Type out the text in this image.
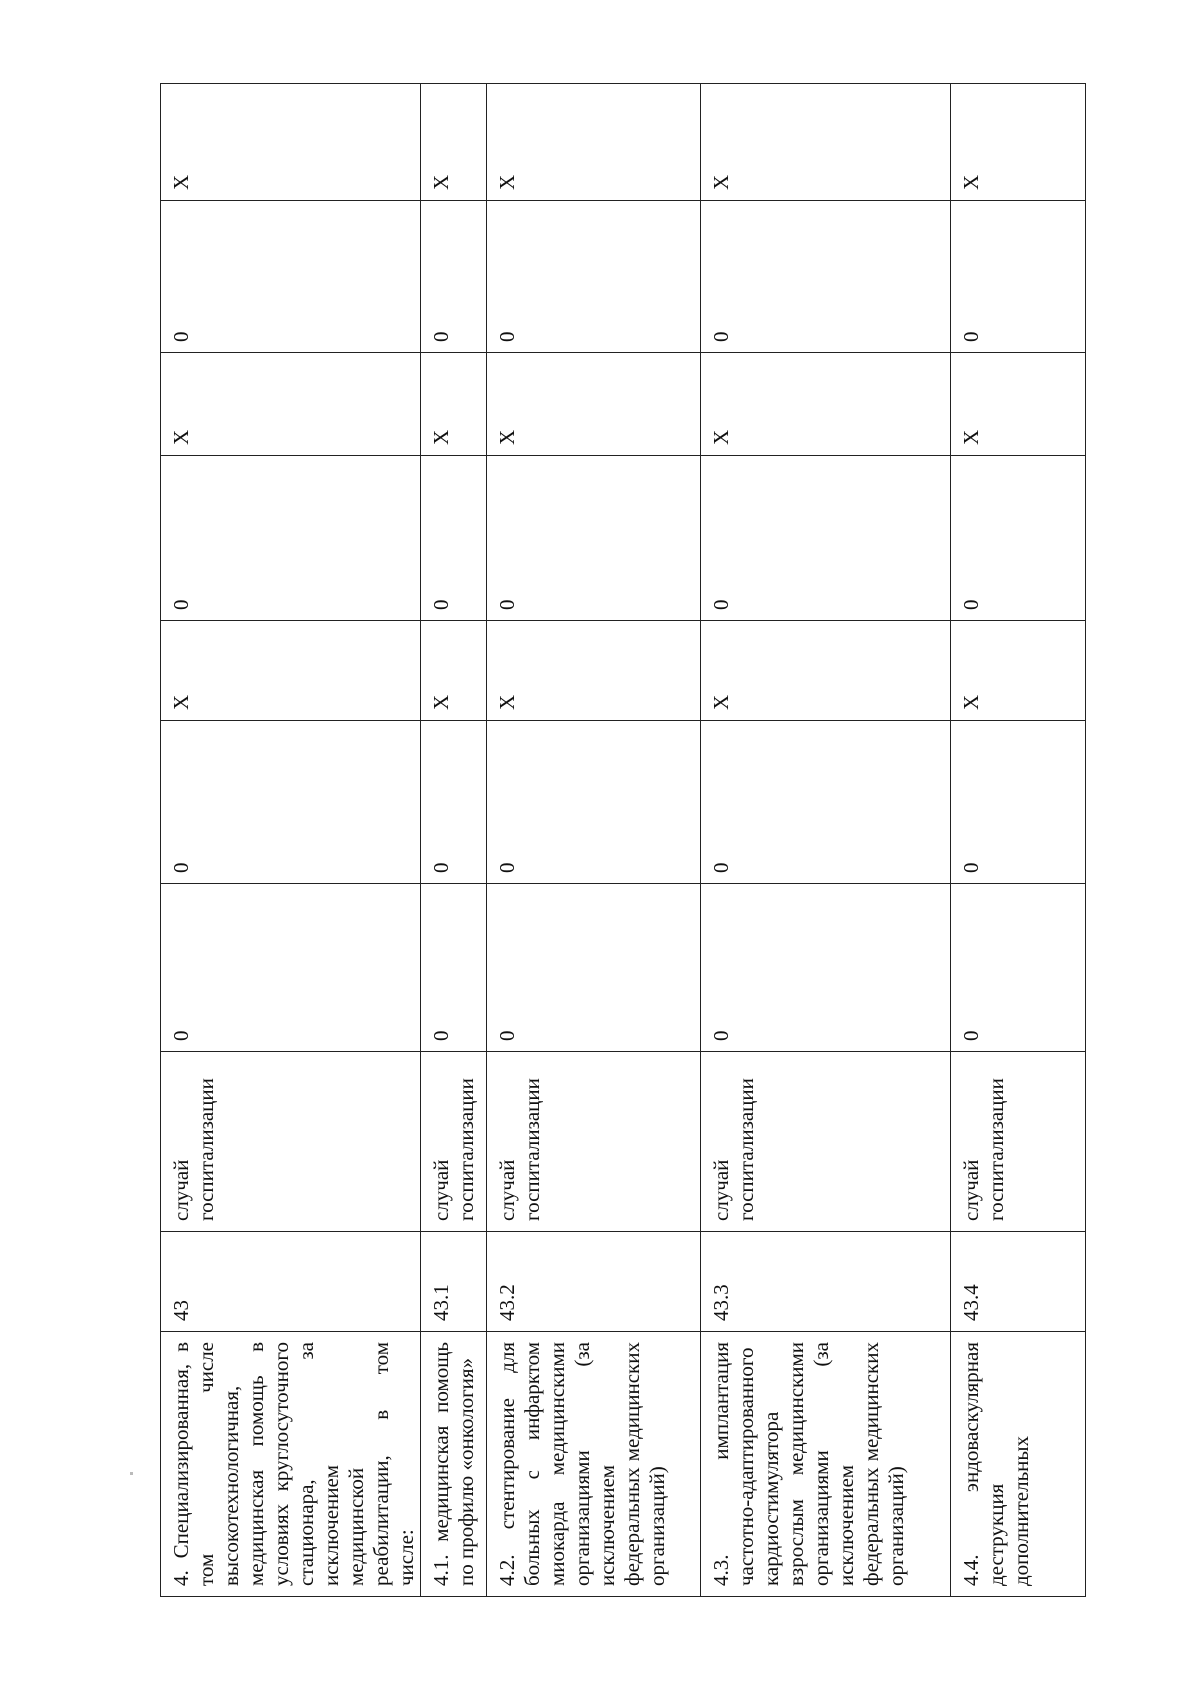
4. Специализированная, в том числе высокотехнологичная, медицинская помощь в условиях круглосуточного стационара, за исключением медицинской реабилитации, в том числе:	43	случай госпитализации	0	0	Х	0	Х	0	Х
4.1. медицинская помощь по профилю «онкология»	43.1	случай госпитализации	0	0	Х	0	Х	0	Х
4.2. стентирование для больных с инфарктом миокарда медицинскими организациями (за исключением федеральных медицинских организаций)	43.2	случай госпитализации	0	0	Х	0	Х	0	Х
4.3. имплантация частотно-адаптированного кардиостимулятора взрослым медицинскими организациями (за исключением федеральных медицинских организаций)	43.3	случай госпитализации	0	0	Х	0	Х	0	Х
4.4. эндоваскулярная деструкция дополнительных	43.4	случай госпитализации	0	0	Х	0	Х	0	Х
